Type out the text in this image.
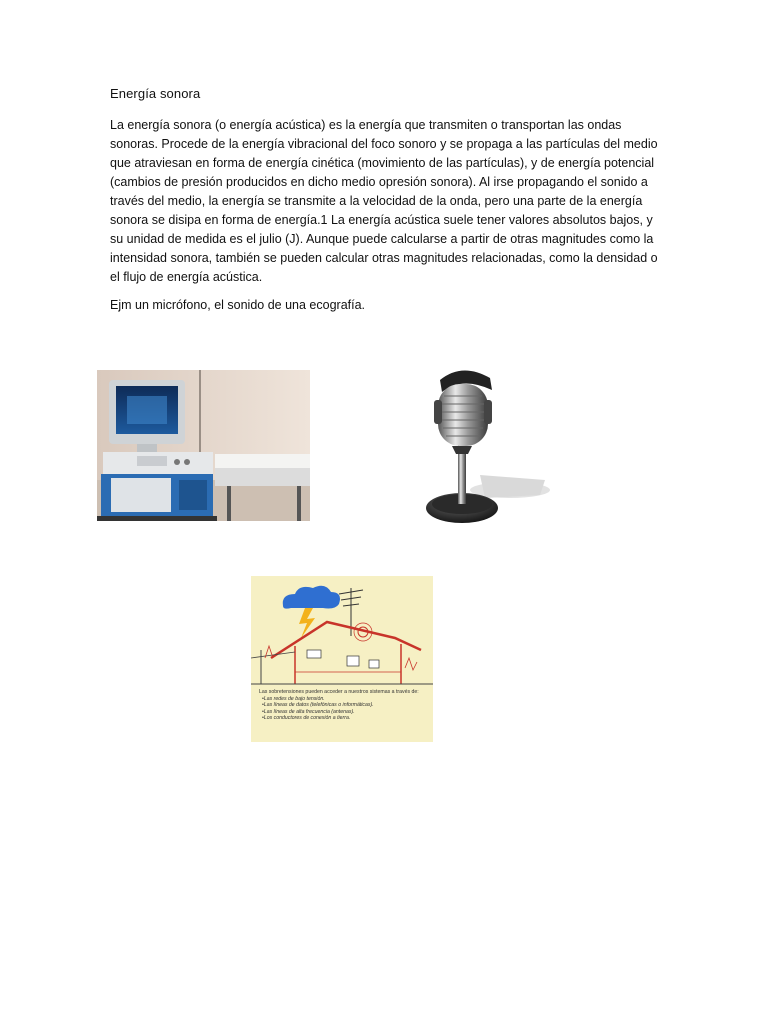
Energía sonora

La energía sonora (o energía acústica) es la energía que transmiten o transportan las ondas sonoras. Procede de la energía vibracional del foco sonoro y se propaga a las partículas del medio que atraviesan en forma de energía cinética (movimiento de las partículas), y de energía potencial (cambios de presión producidos en dicho medio opresión sonora). Al irse propagando el sonido a través del medio, la energía se transmite a la velocidad de la onda, pero una parte de la energía sonora se disipa en forma de energía.1 La energía acústica suele tener valores absolutos bajos, y su unidad de medida es el julio (J). Aunque puede calcularse a partir de otras magnitudes como la intensidad sonora, también se pueden calcular otras magnitudes relacionadas, como la densidad o el flujo de energía acústica.

Ejm un micrófono, el sonido de una ecografía.

Las sobretensiones pueden acceder a nuestros sistemas a través de:
•Las redes de bajo tensión.
•Las líneas de datos (telefónicas o informáticas).
•Las líneas de alta frecuencia (antenas).
•Los conductores de conexión a tierra.
